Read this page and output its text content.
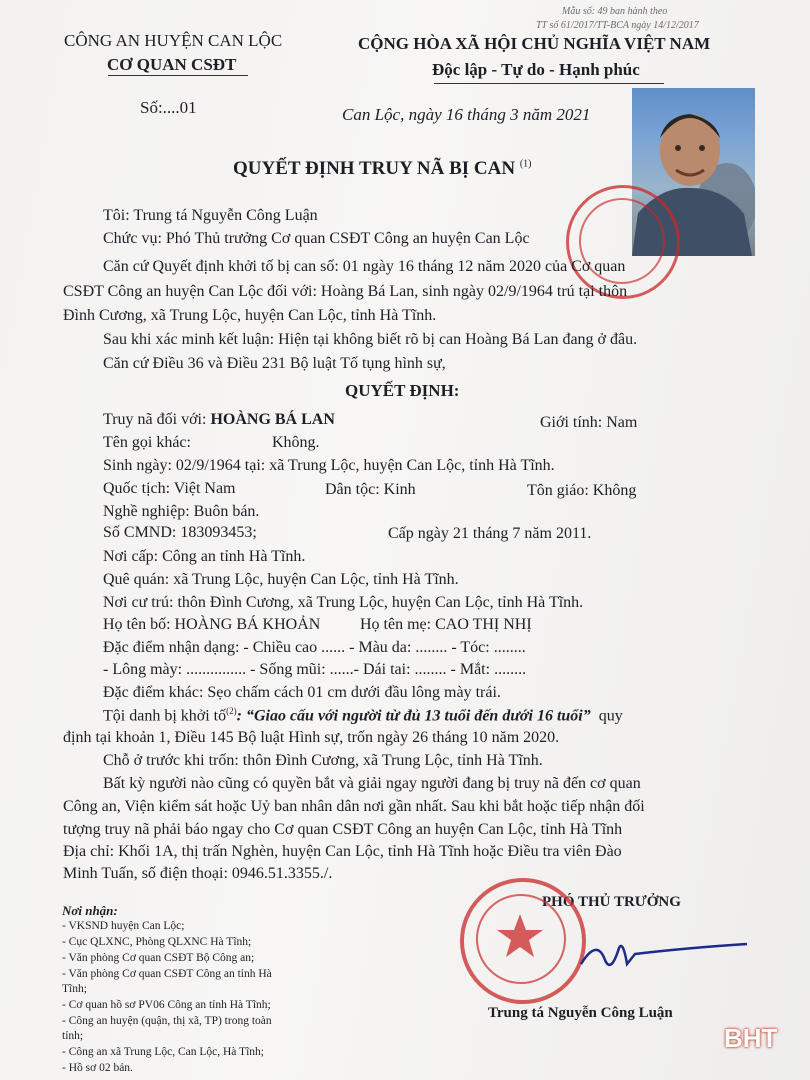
Mẫu số: 49 ban hành theo
TT số 61/2017/TT-BCA ngày 14/12/2017
CÔNG AN HUYỆN CAN LỘC
CƠ QUAN CSĐT
Số:....01
CỘNG HÒA XÃ HỘI CHỦ NGHĨA VIỆT NAM
Độc lập - Tự do - Hạnh phúc
Can Lộc, ngày 16 tháng 3 năm 2021
QUYẾT ĐỊNH TRUY NÃ BỊ CAN $^{(1)}$
Tôi: Trung tá Nguyễn Công Luận
Chức vụ: Phó Thủ trưởng Cơ quan CSĐT Công an huyện Can Lộc
Căn cứ Quyết định khởi tố bị can số: 01 ngày 16 tháng 12 năm 2020 của Cơ quan
CSĐT Công an huyện Can Lộc đối với: Hoàng Bá Lan, sinh ngày 02/9/1964 trú tại thôn
Đình Cương, xã Trung Lộc, huyện Can Lộc, tỉnh Hà Tĩnh.
Sau khi xác minh kết luận: Hiện tại không biết rõ bị can Hoàng Bá Lan đang ở đâu.
Căn cứ Điều 36 và Điều 231 Bộ luật Tố tụng hình sự,
QUYẾT ĐỊNH:
Truy nã đối với: HOÀNG BÁ LAN	Giới tính: Nam
Tên gọi khác:	Không.
Sinh ngày: 02/9/1964 tại: xã Trung Lộc, huyện Can Lộc, tỉnh Hà Tĩnh.
Quốc tịch: Việt Nam	Dân tộc: Kinh	Tôn giáo: Không
Nghề nghiệp: Buôn bán.
Số CMND: 183093453;	Cấp ngày 21 tháng 7 năm 2011.
Nơi cấp: Công an tỉnh Hà Tĩnh.
Quê quán: xã Trung Lộc, huyện Can Lộc, tỉnh Hà Tĩnh.
Nơi cư trú: thôn Đình Cương, xã Trung Lộc, huyện Can Lộc, tỉnh Hà Tĩnh.
Họ tên bố: HOÀNG BÁ KHOẢN Họ tên mẹ: CAO THỊ NHỊ
Đặc điểm nhận dạng: - Chiều cao ...... - Màu da: ........ - Tóc: ........
- Lông mày: ............... - Sống mũi: ......- Dái tai: ........ - Mắt: ........
Đặc điểm khác: Sẹo chấm cách 01 cm dưới đầu lông mày trái.
Tội danh bị khởi tố$^{(2)}$: “Giao cấu với người từ đủ 13 tuổi đến dưới 16 tuổi” quy
định tại khoản 1, Điều 145 Bộ luật Hình sự, trốn ngày 26 tháng 10 năm 2020.
Chỗ ở trước khi trốn: thôn Đình Cương, xã Trung Lộc, tỉnh Hà Tĩnh.
Bất kỳ người nào cũng có quyền bắt và giải ngay người đang bị truy nã đến cơ quan
Công an, Viện kiểm sát hoặc Uỷ ban nhân dân nơi gần nhất. Sau khi bắt hoặc tiếp nhận đối
tượng truy nã phải báo ngay cho Cơ quan CSĐT Công an huyện Can Lộc, tỉnh Hà Tĩnh
Địa chỉ: Khối 1A, thị trấn Nghèn, huyện Can Lộc, tỉnh Hà Tĩnh hoặc Điều tra viên Đào
Minh Tuấn, số điện thoại: 0946.51.3355./.
Nơi nhận:
- VKSND huyện Can Lộc;
- Cục QLXNC, Phòng QLXNC Hà Tĩnh;
- Văn phòng Cơ quan CSĐT Bộ Công an;
- Văn phòng Cơ quan CSĐT Công an tỉnh Hà
Tĩnh;
- Cơ quan hồ sơ PV06 Công an tỉnh Hà Tĩnh;
- Công an huyện (quận, thị xã, TP) trong toàn
tỉnh;
- Công an xã Trung Lộc, Can Lộc, Hà Tĩnh;
- Hồ sơ 02 bản.
PHÓ THỦ TRƯỞNG
Trung tá Nguyễn Công Luận
BHT
